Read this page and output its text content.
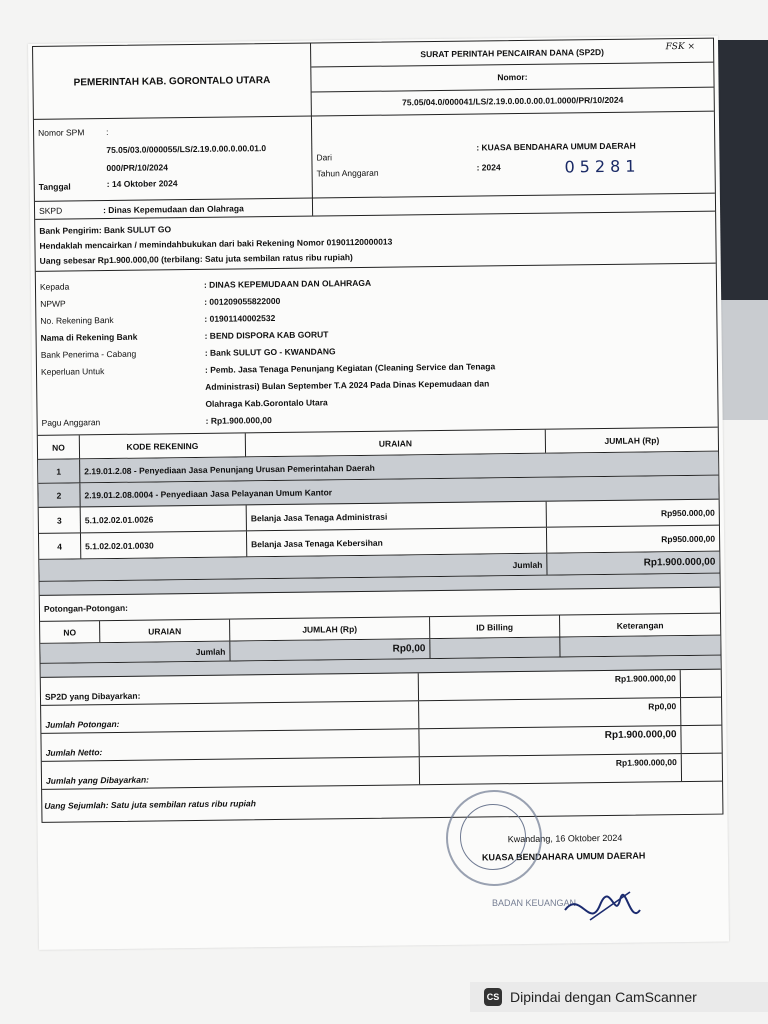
PEMERINTAH KAB. GORONTALO UTARA
SURAT PERINTAH PENCAIRAN DANA (SP2D)	FSK ×
Nomor:
75.05/04.0/000041/LS/2.19.0.00.0.00.01.0000/PR/10/2024
Nomor SPM	:
75.05/03.0/000055/LS/2.19.0.00.0.00.01.0
000/PR/10/2024
Tanggal	: 14 Oktober 2024
Dari
: KUASA BENDAHARA UMUM DAERAH
Tahun Anggaran
: 2024	05281
SKPD	: Dinas Kepemudaan dan Olahraga
Bank Pengirim: Bank SULUT GO
Hendaklah mencairkan / memindahbukukan dari baki Rekening Nomor 01901120000013
Uang sebesar Rp1.900.000,00 (terbilang: Satu juta sembilan ratus ribu rupiah)
Kepada	: DINAS KEPEMUDAAN DAN OLAHRAGA
NPWP	: 001209055822000
No. Rekening Bank	: 01901140002532
Nama di Rekening Bank	: BEND DISPORA KAB GORUT
Bank Penerima - Cabang	: Bank SULUT GO - KWANDANG
Keperluan Untuk	: Pemb. Jasa Tenaga Penunjang Kegiatan (Cleaning Service dan Tenaga
Administrasi) Bulan September T.A 2024 Pada Dinas Kepemudaan dan
Olahraga Kab.Gorontalo Utara
Pagu Anggaran	: Rp1.900.000,00
NO	KODE REKENING	URAIAN	JUMLAH (Rp)
1	2.19.01.2.08 - Penyediaan Jasa Penunjang Urusan Pemerintahan Daerah
2	2.19.01.2.08.0004 - Penyediaan Jasa Pelayanan Umum Kantor
3	5.1.02.02.01.0026	Belanja Jasa Tenaga Administrasi	Rp950.000,00
4	5.1.02.02.01.0030	Belanja Jasa Tenaga Kebersihan	Rp950.000,00
Jumlah	Rp1.900.000,00
Potongan-Potongan:
NO	URAIAN	JUMLAH (Rp)	ID Billing	Keterangan
Jumlah	Rp0,00
SP2D yang Dibayarkan:
Rp1.900.000,00
Jumlah Potongan:
Rp0,00
Jumlah Netto:
Rp1.900.000,00
Jumlah yang Dibayarkan:
Rp1.900.000,00
Uang Sejumlah: Satu juta sembilan ratus ribu rupiah
Kwandang, 16 Oktober 2024
KUASA BENDAHARA UMUM DAERAH
BADAN KEUANGAN
CS Dipindai dengan CamScanner
